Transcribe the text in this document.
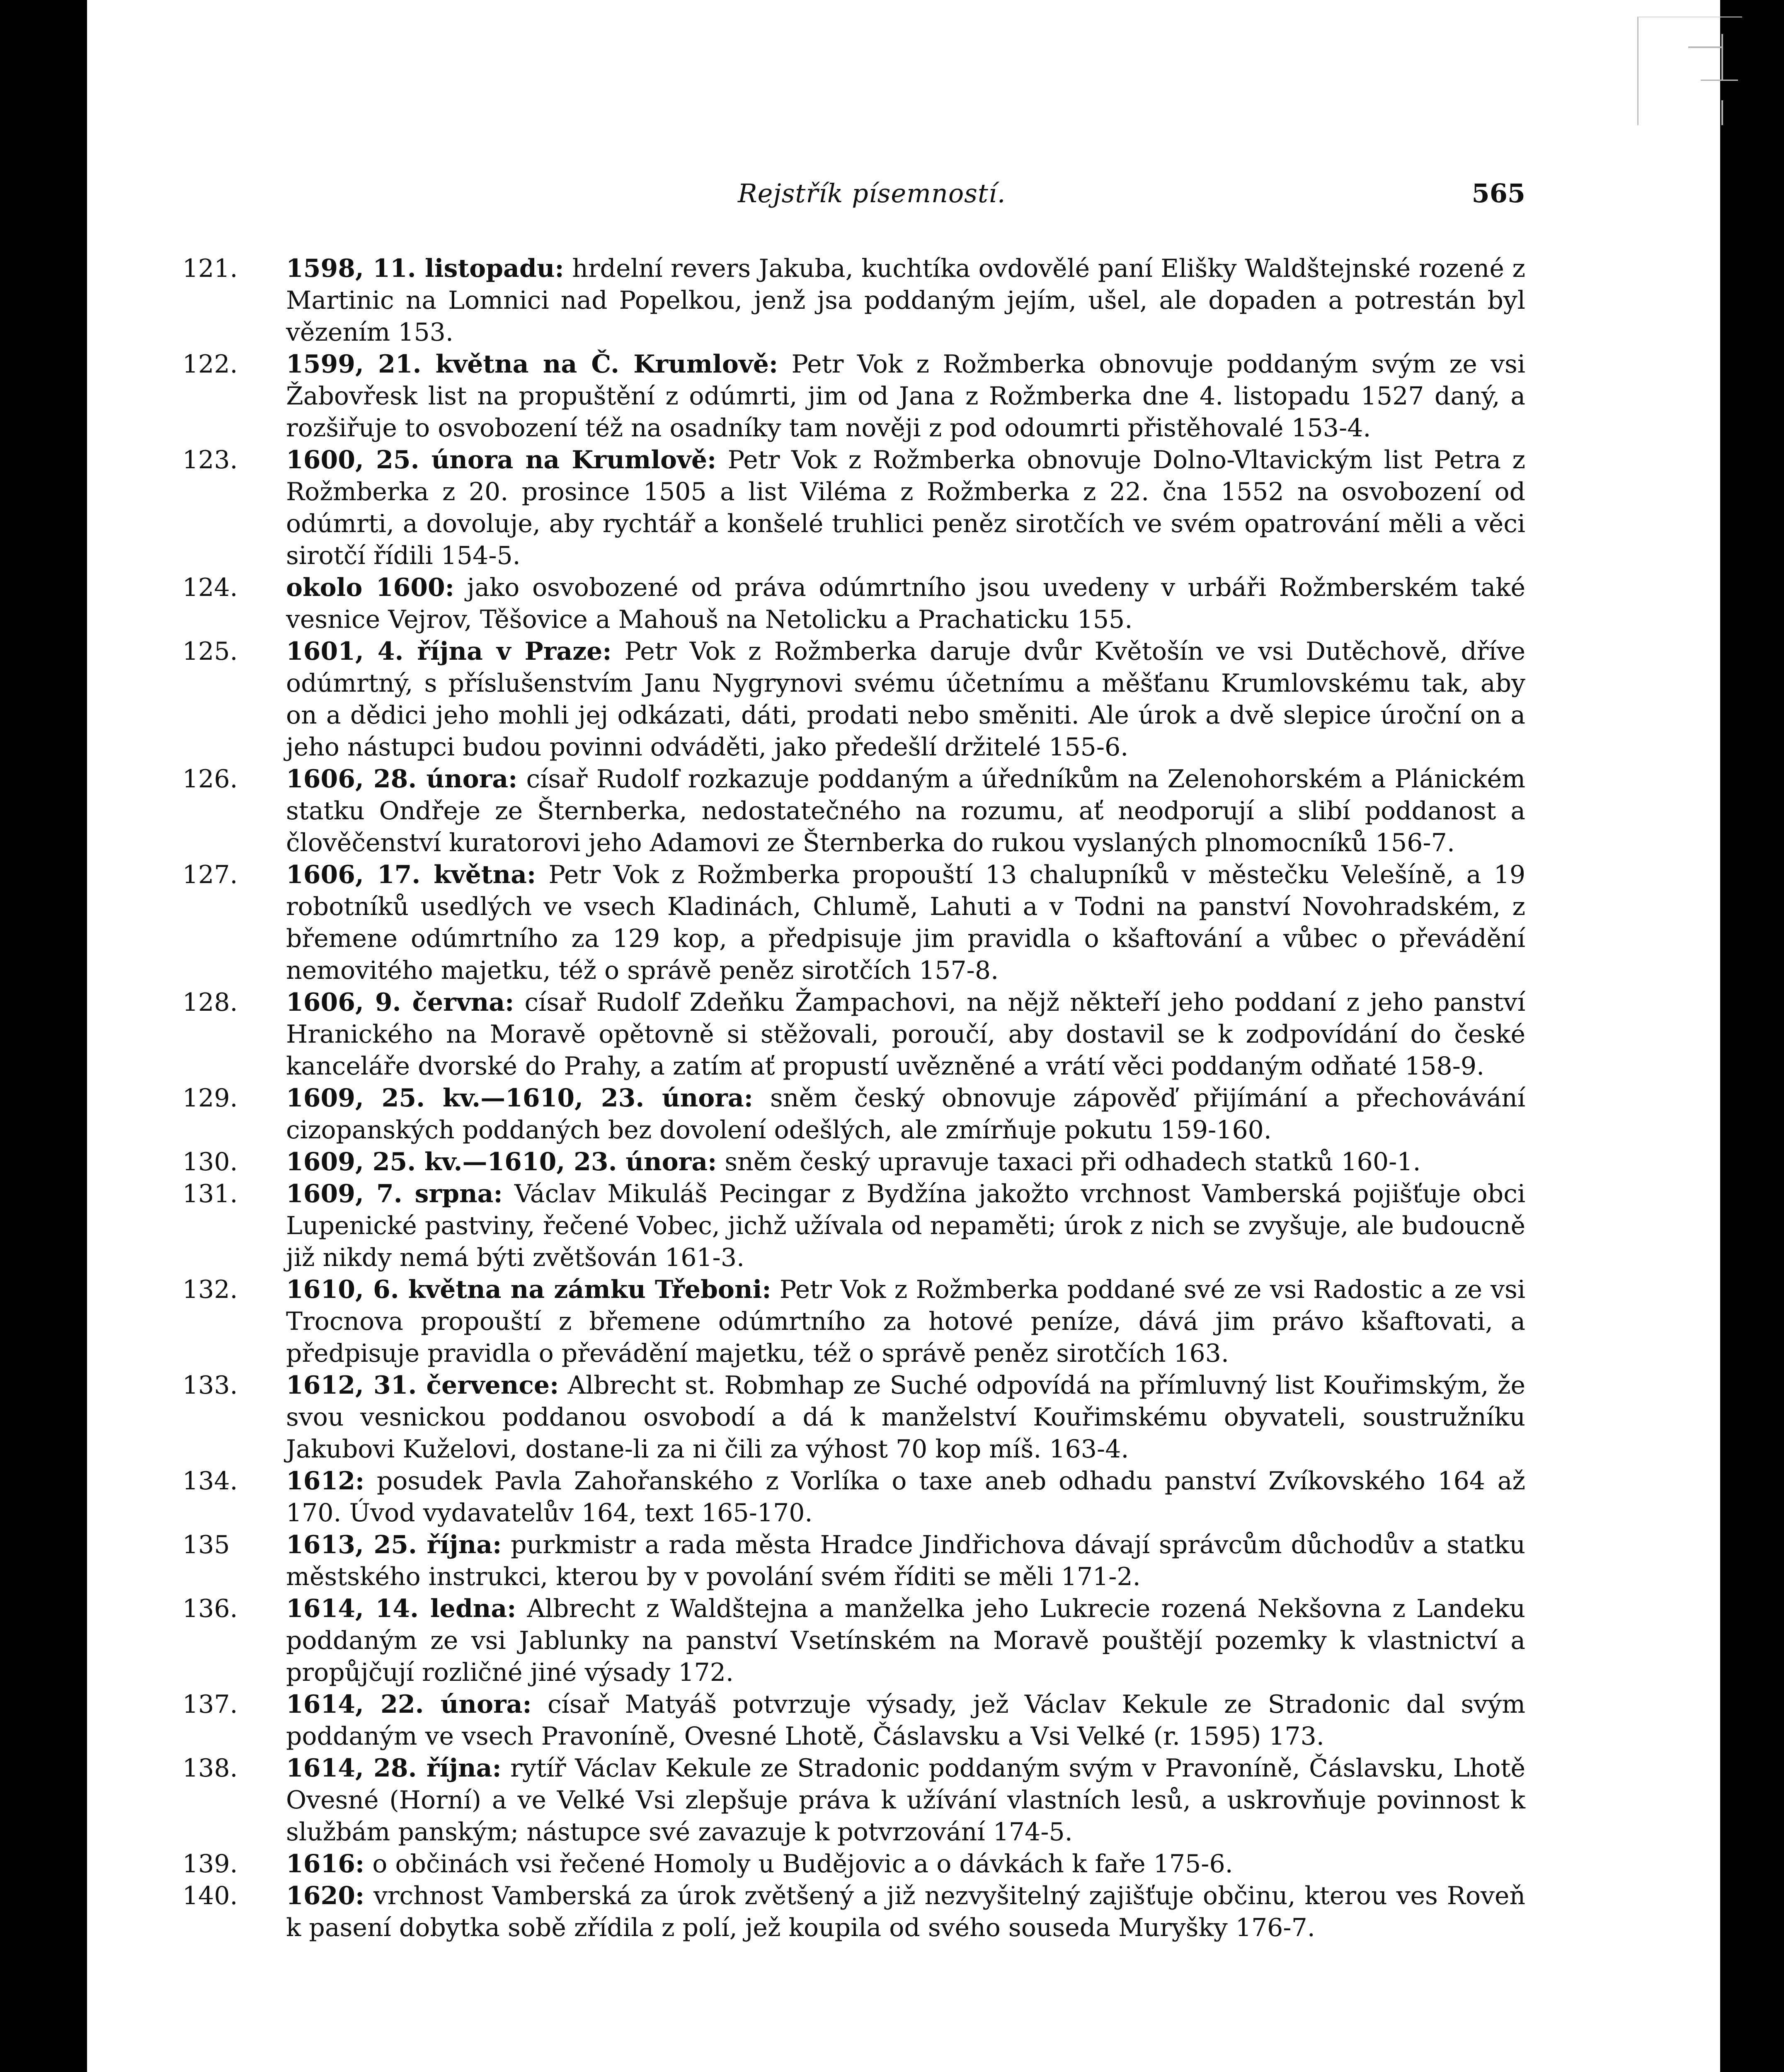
Rejstřík písemností.	565
121.	1598, 11. listopadu: hrdelní revers Jakuba, kuchtíka ovdovělé paní Elišky Waldštejnské rozené z Martinic na Lomnici nad Popelkou, jenž jsa poddaným jejím, ušel, ale dopaden a potrestán byl vězením 153.
122.	1599, 21. května na Č. Krumlově: Petr Vok z Rožmberka obnovuje poddaným svým ze vsi Žabovřesk list na propuštění z odúmrti, jim od Jana z Rožmberka dne 4. listopadu 1527 daný, a rozšiřuje to osvobození též na osadníky tam nověji z pod odoumrti přistěhovalé 153-4.
123.	1600, 25. února na Krumlově: Petr Vok z Rožmberka obnovuje Dolno-Vltavickým list Petra z Rožmberka z 20. prosince 1505 a list Viléma z Rožmberka z 22. čna 1552 na osvobození od odúmrti, a dovoluje, aby rychtář a konšelé truhlici peněz sirotčích ve svém opatrování měli a věci sirotčí řídili 154-5.
124.	okolo 1600: jako osvobozené od práva odúmrtního jsou uvedeny v urbáři Rožmberském také vesnice Vejrov, Těšovice a Mahouš na Netolicku a Prachaticku 155.
125.	1601, 4. října v Praze: Petr Vok z Rožmberka daruje dvůr Květošín ve vsi Dutěchově, dříve odúmrtný, s příslušenstvím Janu Nygrynovi svému účetnímu a měšťanu Krumlovskému tak, aby on a dědici jeho mohli jej odkázati, dáti, prodati nebo směniti. Ale úrok a dvě slepice úroční on a jeho nástupci budou povinni odváděti, jako předešlí držitelé 155-6.
126.	1606, 28. února: císař Rudolf rozkazuje poddaným a úředníkům na Zelenohorském a Plánickém statku Ondřeje ze Šternberka, nedostatečného na rozumu, ať neodporují a slibí poddanost a člověčenství kuratorovi jeho Adamovi ze Šternberka do rukou vyslaných plnomocníků 156-7.
127.	1606, 17. května: Petr Vok z Rožmberka propouští 13 chalupníků v městečku Velešíně, a 19 robotníků usedlých ve vsech Kladinách, Chlumě, Lahuti a v Todni na panství Novohradském, z břemene odúmrtního za 129 kop, a předpisuje jim pravidla o kšaftování a vůbec o převádění nemovitého majetku, též o správě peněz sirotčích 157-8.
128.	1606, 9. června: císař Rudolf Zdeňku Žampachovi, na nějž někteří jeho poddaní z jeho panství Hranického na Moravě opětovně si stěžovali, poroučí, aby dostavil se k zodpovídání do české kanceláře dvorské do Prahy, a zatím ať propustí uvězněné a vrátí věci poddaným odňaté 158-9.
129.	1609, 25. kv.—1610, 23. února: sněm český obnovuje zápověď přijímání a přechovávání cizopanských poddaných bez dovolení odešlých, ale zmírňuje pokutu 159-160.
130.	1609, 25. kv.—1610, 23. února: sněm český upravuje taxaci při odhadech statků 160-1.
131.	1609, 7. srpna: Václav Mikuláš Pecingar z Bydžína jakožto vrchnost Vamberská pojišťuje obci Lupenické pastviny, řečené Vobec, jichž užívala od nepaměti; úrok z nich se zvyšuje, ale budoucně již nikdy nemá býti zvětšován 161-3.
132.	1610, 6. května na zámku Třeboni: Petr Vok z Rožmberka poddané své ze vsi Radostic a ze vsi Trocnova propouští z břemene odúmrtního za hotové peníze, dává jim právo kšaftovati, a předpisuje pravidla o převádění majetku, též o správě peněz sirotčích 163.
133.	1612, 31. července: Albrecht st. Robmhap ze Suché odpovídá na přímluvný list Kouřimským, že svou vesnickou poddanou osvobodí a dá k manželství Kouřimskému obyvateli, soustružníku Jakubovi Kuželovi, dostane-li za ni čili za výhost 70 kop míš. 163-4.
134.	1612: posudek Pavla Zahořanského z Vorlíka o taxe aneb odhadu panství Zvíkovského 164 až 170. Úvod vydavatelův 164, text 165-170.
135	1613, 25. října: purkmistr a rada města Hradce Jindřichova dávají správcům důchodův a statku městského instrukci, kterou by v povolání svém říditi se měli 171-2.
136.	1614, 14. ledna: Albrecht z Waldštejna a manželka jeho Lukrecie rozená Nekšovna z Landeku poddaným ze vsi Jablunky na panství Vsetínském na Moravě pouštějí pozemky k vlastnictví a propůjčují rozličné jiné výsady 172.
137.	1614, 22. února: císař Matyáš potvrzuje výsady, jež Václav Kekule ze Stradonic dal svým poddaným ve vsech Pravoníně, Ovesné Lhotě, Čáslavsku a Vsi Velké (r. 1595) 173.
138.	1614, 28. října: rytíř Václav Kekule ze Stradonic poddaným svým v Pravoníně, Čáslavsku, Lhotě Ovesné (Horní) a ve Velké Vsi zlepšuje práva k užívání vlastních lesů, a uskrovňuje povinnost k službám panským; nástupce své zavazuje k potvrzování 174-5.
139.	1616: o občinách vsi řečené Homoly u Budějovic a o dávkách k faře 175-6.
140.	1620: vrchnost Vamberská za úrok zvětšený a již nezvyšitelný zajišťuje občinu, kterou ves Roveň k pasení dobytka sobě zřídila z polí, jež koupila od svého souseda Muryšky 176-7.
